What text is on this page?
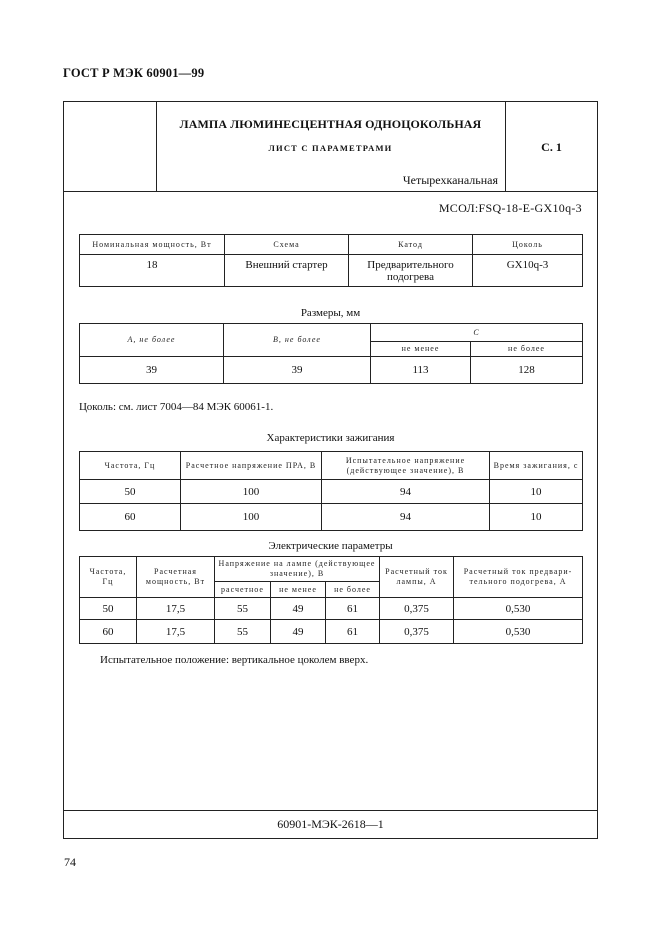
ГОСТ Р МЭК 60901—99
ЛАМПА ЛЮМИНЕСЦЕНТНАЯ ОДНОЦОКОЛЬНАЯ
ЛИСТ С ПАРАМЕТРАМИ
Четырехканальная
С. 1
МСОЛ:FSQ-18-E-GX10q-3
Номинальная мощность, Вт	Схема	Катод	Цоколь
18	Внешний стартер	Предварительного подогрева	GX10q-3
Размеры, мм
A, не более	B, не более	C	
		не менее	не более
39	39	113	128
Цоколь: см. лист 7004—84 МЭК 60061-1.
Характеристики зажигания
Частота, Гц	Расчетное напряжение ПРА, В	Испытательное напряжение (действующее значение), В	Время зажигания, с
50	100	94	10
60	100	94	10
Электрические параметры
Частота, Гц	Расчетная мощность, Вт	Напряжение на лампе (действующее значение), В			Расчетный ток лампы, А	Расчетный ток предвари-тельного подогрева, А
		расчетное	не менее	не более		
50	17,5	55	49	61	0,375	0,530
60	17,5	55	49	61	0,375	0,530
Испытательное положение: вертикальное цоколем вверх.
60901-МЭК-2618—1
74
